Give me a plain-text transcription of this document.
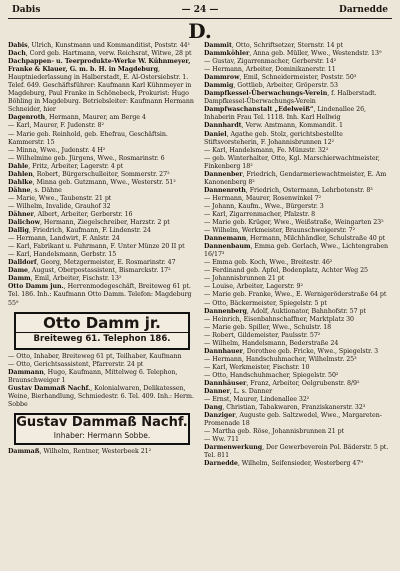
Dabis	— 24 —	Darnedde
D.

Dabis, Ulrich, Kunstmann und Kommanditist, Poststr. 44¹

Dach, Cord geb. Hartmann, verw. Reichsrat, Witwe, 28 pt

Dachpappen- u. Teerprodukte-Werke W. Kühnmeyer, Franke & Klauer, G. m. b. H. in Magdeburg, Hauptniederlassung in Halberstadt, E. Al-Ostersiebstr. 1. Telef. 649. Geschäftsführer: Kaufmann Karl Kühnmeyer in Magdeburg, Paul Franke in Schönebeck, Prokurist: Hugo Böhling in Magdeburg. Betriebsleiter: Kaufmann Hermann Schneider, hier

Dagenroth, Hermann, Maurer, am Berge 4

— Karl, Maurer, F. Judenstr. 8²

— Marie geb. Reinhold, geb. Ehefrau, Geschäftsin. Kammerstr. 15

— Minna, Wwe., Judenstr. 4 H²

— Wilhelmine geb. Jürgens, Wwe., Rosmarinstr. 6

Dahle, Fritz, Arbeiter, Lagerstr. 4 pt

Dahlen, Robert, Bürgerschulleiter, Sommerstr. 27²

Dahlke, Minna geb. Gutzmann, Wwe., Westerstr. 51²

Dähne, s. Dähne

— Marie, Wwe., Taubenstr. 21 pt

— Wilhelm, Invalide, Grauhof 32

Dähner, Albert, Arbeiter, Gerberstr. 16

Dalichow, Hermann, Ziegelschreiber, Harzstr. 2 pt

Dallig, Friedrich, Kaufmann, F. Lindenstr. 24

— Hermann, Landwirt, F. Anlstr. 24

— Karl, Fabrikant u. Fuhrmann, F. Unter Münze 20 II pt

— Karl, Handelsmann, Gerbstr. 15

Dalldorf, Georg, Metzgermeister, E. Rosmarinstr. 47

Dame, August, Oberpostassistent, Bismarckstr. 17²

Damm, Emil, Arbeiter, Fischstr. 13²

Otto Damm jun., Herrenmodegeschäft, Breiteweg 61 pt. Tel. 186. Inh.: Kaufmann Otto Damm. Telefon: Magdeburg 55⁹

Otto Damm jr.
Breiteweg 61. Telephon 186.

— Otto, Inhaber, Breiteweg 61 pt, Teilhaber, Kaufmann

— Otto, Gerichtsassistent, Pfarrerstr. 24 pt

Dammann, Hugo, Kaufmann, Mittelweg 6. Telephon, Braunschweiger 1

Gustav Dammaß Nachf., Kolonialwaren, Delikatessen, Weine, Bierhandlung, Schmiedestr. 6. Tel. 409. Inh.: Herm. Sobbe

Gustav Dammaß Nachf.
Inhaber: Hermann Sobbe.

Dammaß, Wilhelm, Rentner, Westerbeek 21²

Dammit, Otto, Schriftsetzer, Sternstr. 14 pt

Dammköhler, Anna geb. Müller, Wwe., Westendstr. 13⁹

— Gustav, Zigarrenmacher, Gerberstr. 14²

— Hermann, Arbeiter, Dominikanerstr. 11

Dammrow, Emil, Schneidermeister, Poststr. 50³

Dammig, Gottlieb, Arbeiter, Gröperstr. 53

Dampfkessel-Überwachungs-Verein, f. Halberstadt. Dampfkessel-Überwachungs-Verein

Dampfwaschanstalt „Edelweiß“, Lindenallee 26, Inhaberin Frau Tel. 1118. Inh. Karl Hellwig

Dannhardt, Verw. Amtmann, Kommandit. 1

Daniel, Agathe geb. Stolz, gerichtsbestellte Stiftsvorsteherin, F. Johannisbrunnen 12²

— Karl, Handelsmann, Fe. Münzstr. 32²

— geb. Winterhalter, Otto, Kgl. Marschierwachtmeister, Finkenberg 18²

Dannenber, Friedrich, Gendarmeriewachtmeister, E. Am Kanonenberg 8²

Dannenroth, Friedrich, Ostermann, Lehrbotenstr. 8³

— Hermann, Maurer, Rosenwinkel 7²

— Johann, Kaufm., Wwe., Bürgerstr. 3

— Karl, Zigarrenmacher, Pfalzstr. 8

— Marie geb. Krüger, Wwe., Weißstraße, Weingarten 23²

— Wilhelm, Werkmeister, Braunschweigerstr. 7²

Dannemann, Hermann, Milchhändler, Schulstraße 40 pt

Dannenbaum, Emma geb. Gerlach, Wwe., Lichtengraben 16/17³

— Emma geb. Koch, Wwe., Breitestr. 46²

— Ferdinand geb. Apfel, Bodenplatz, Achter Weg 25

— Johannisbrunnen 21 pt

— Louise, Arbeiter, Lagerstr. 9²

— Marie geb. Franke, Wwe., E. Wernigeröderstraße 64 pt

— Otto, Bäckermeister, Spiegelstr. 5 pt

Dannenberg, Adolf, Auktionator, Bahnhofstr. 57 pt

— Heinrich, Eisenbahnschaffner, Marktplatz 30

— Marie geb. Spiller, Wwe., Schulstr. 18

— Robert, Gildemeister, Paulsstr. 57²

— Wilhelm, Handelsmann, Bederstraße 24

Dannhauer, Dorothee geb. Fricke, Wwe., Spiegelstr. 3

— Hermann, Handschuhmacher, Wilhelmstr. 25³

— Karl, Werkmeister, Fischstr. 10

— Otto, Handschuhmacher, Spiegelstr. 50²

Dannhäuser, Franz, Arbeiter, Oelgrubenstr. 8/9²

Danner, L. s. Danner

— Ernst, Maurer, Lindenallee 32²

Dang, Christian, Tabakwaren, Franziskanerstr. 32³

Danziger, Auguste geb. Saltzwedel, Wwe., Margareten-Promenade 18

— Martha geb. Röse, Johannisbrunnen 21 pt

— Ww. 711

Darmenwerkung, Der Gewerbeverein Pol. Bäderstr. 5 pt. Tel. 811

Darnedde, Wilhelm, Seifensieder, Westerberg 47⁹
